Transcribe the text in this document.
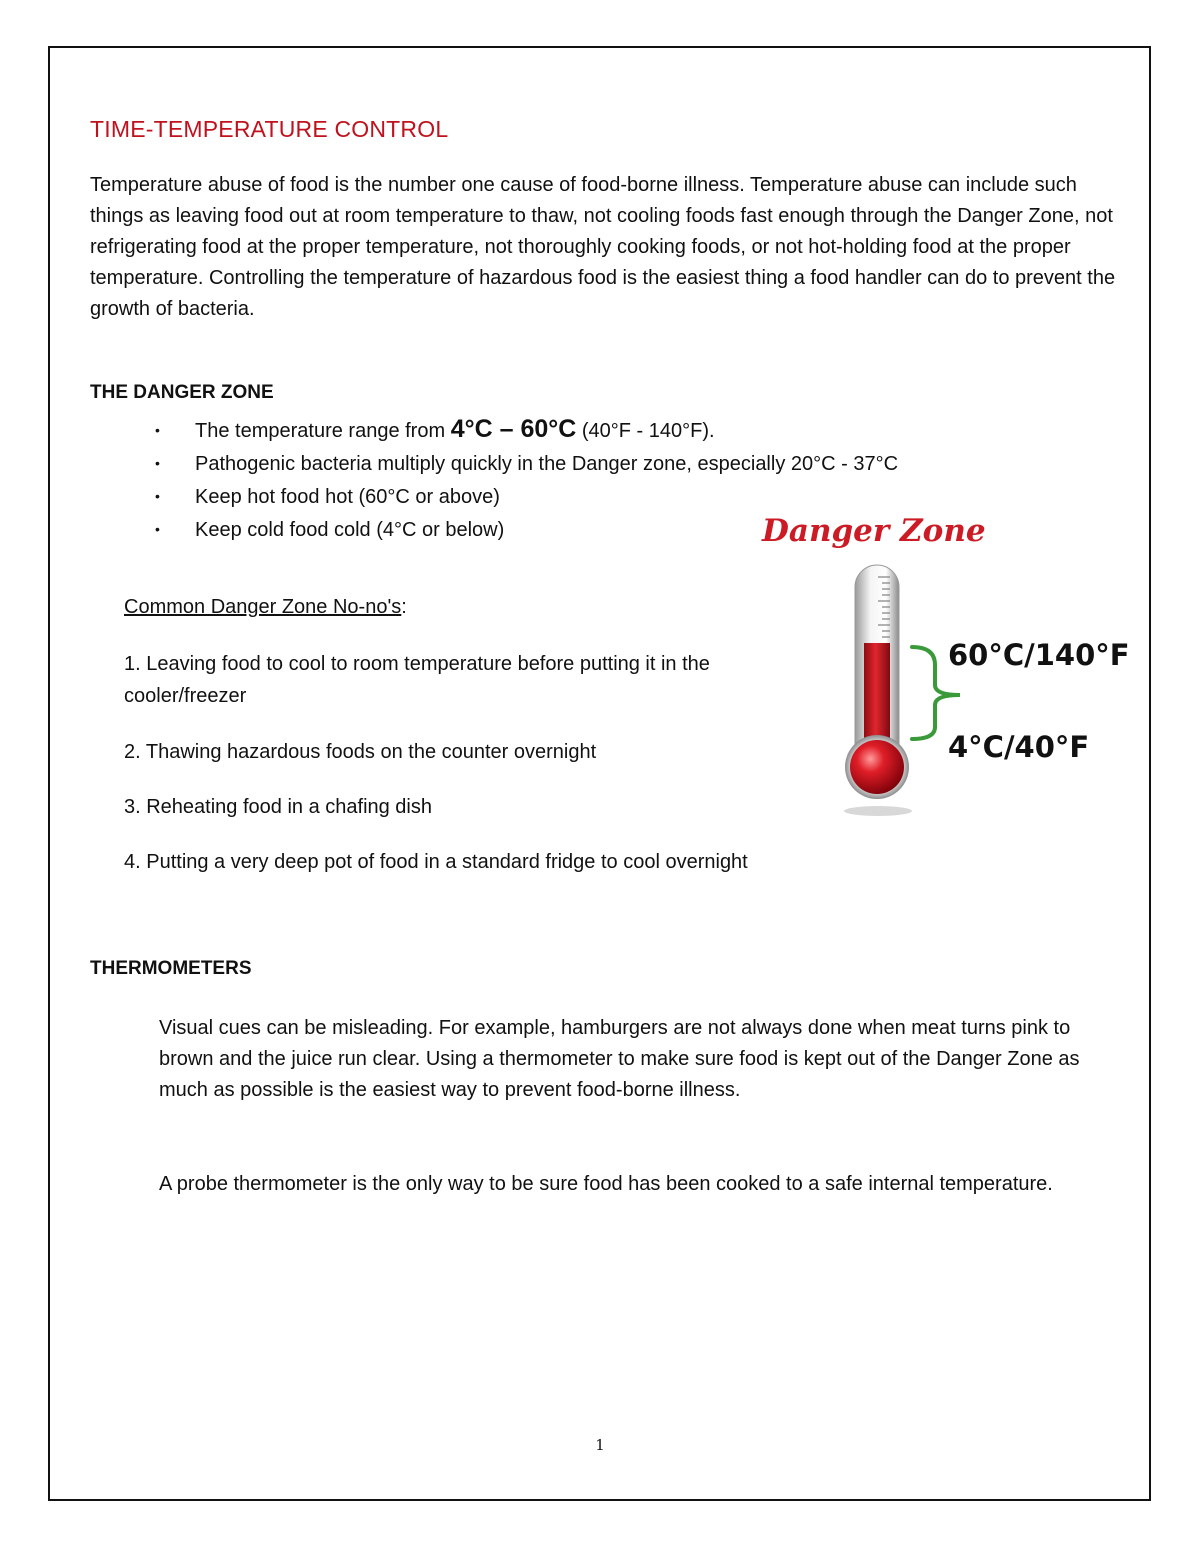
TIME-TEMPERATURE CONTROL

Temperature abuse of food is the number one cause of food-borne illness. Temperature abuse can include such things as leaving food out at room temperature to thaw, not cooling foods fast enough through the Danger Zone, not refrigerating food at the proper temperature, not thoroughly cooking foods, or not hot-holding food at the proper temperature. Controlling the temperature of hazardous food is the easiest thing a food handler can do to prevent the growth of bacteria.

THE DANGER ZONE
•	The temperature range from 4°C – 60°C (40°F - 140°F).
•	Pathogenic bacteria multiply quickly in the Danger zone, especially 20°C - 37°C
•	Keep hot food hot (60°C or above)
•	Keep cold food cold (4°C or below)
Common Danger Zone No-no's:
1. Leaving food to cool to room temperature before putting it in the cooler/freezer
2. Thawing hazardous foods on the counter overnight
3. Reheating food in a chafing dish
4. Putting a very deep pot of food in a standard fridge to cool overnight
Danger Zone
60°C/140°F
4°C/40°F
THERMOMETERS
Visual cues can be misleading. For example, hamburgers are not always done when meat turns pink to brown and the juice run clear. Using a thermometer to make sure food is kept out of the Danger Zone as much as possible is the easiest way to prevent food-borne illness.
A probe thermometer is the only way to be sure food has been cooked to a safe internal temperature.
1
